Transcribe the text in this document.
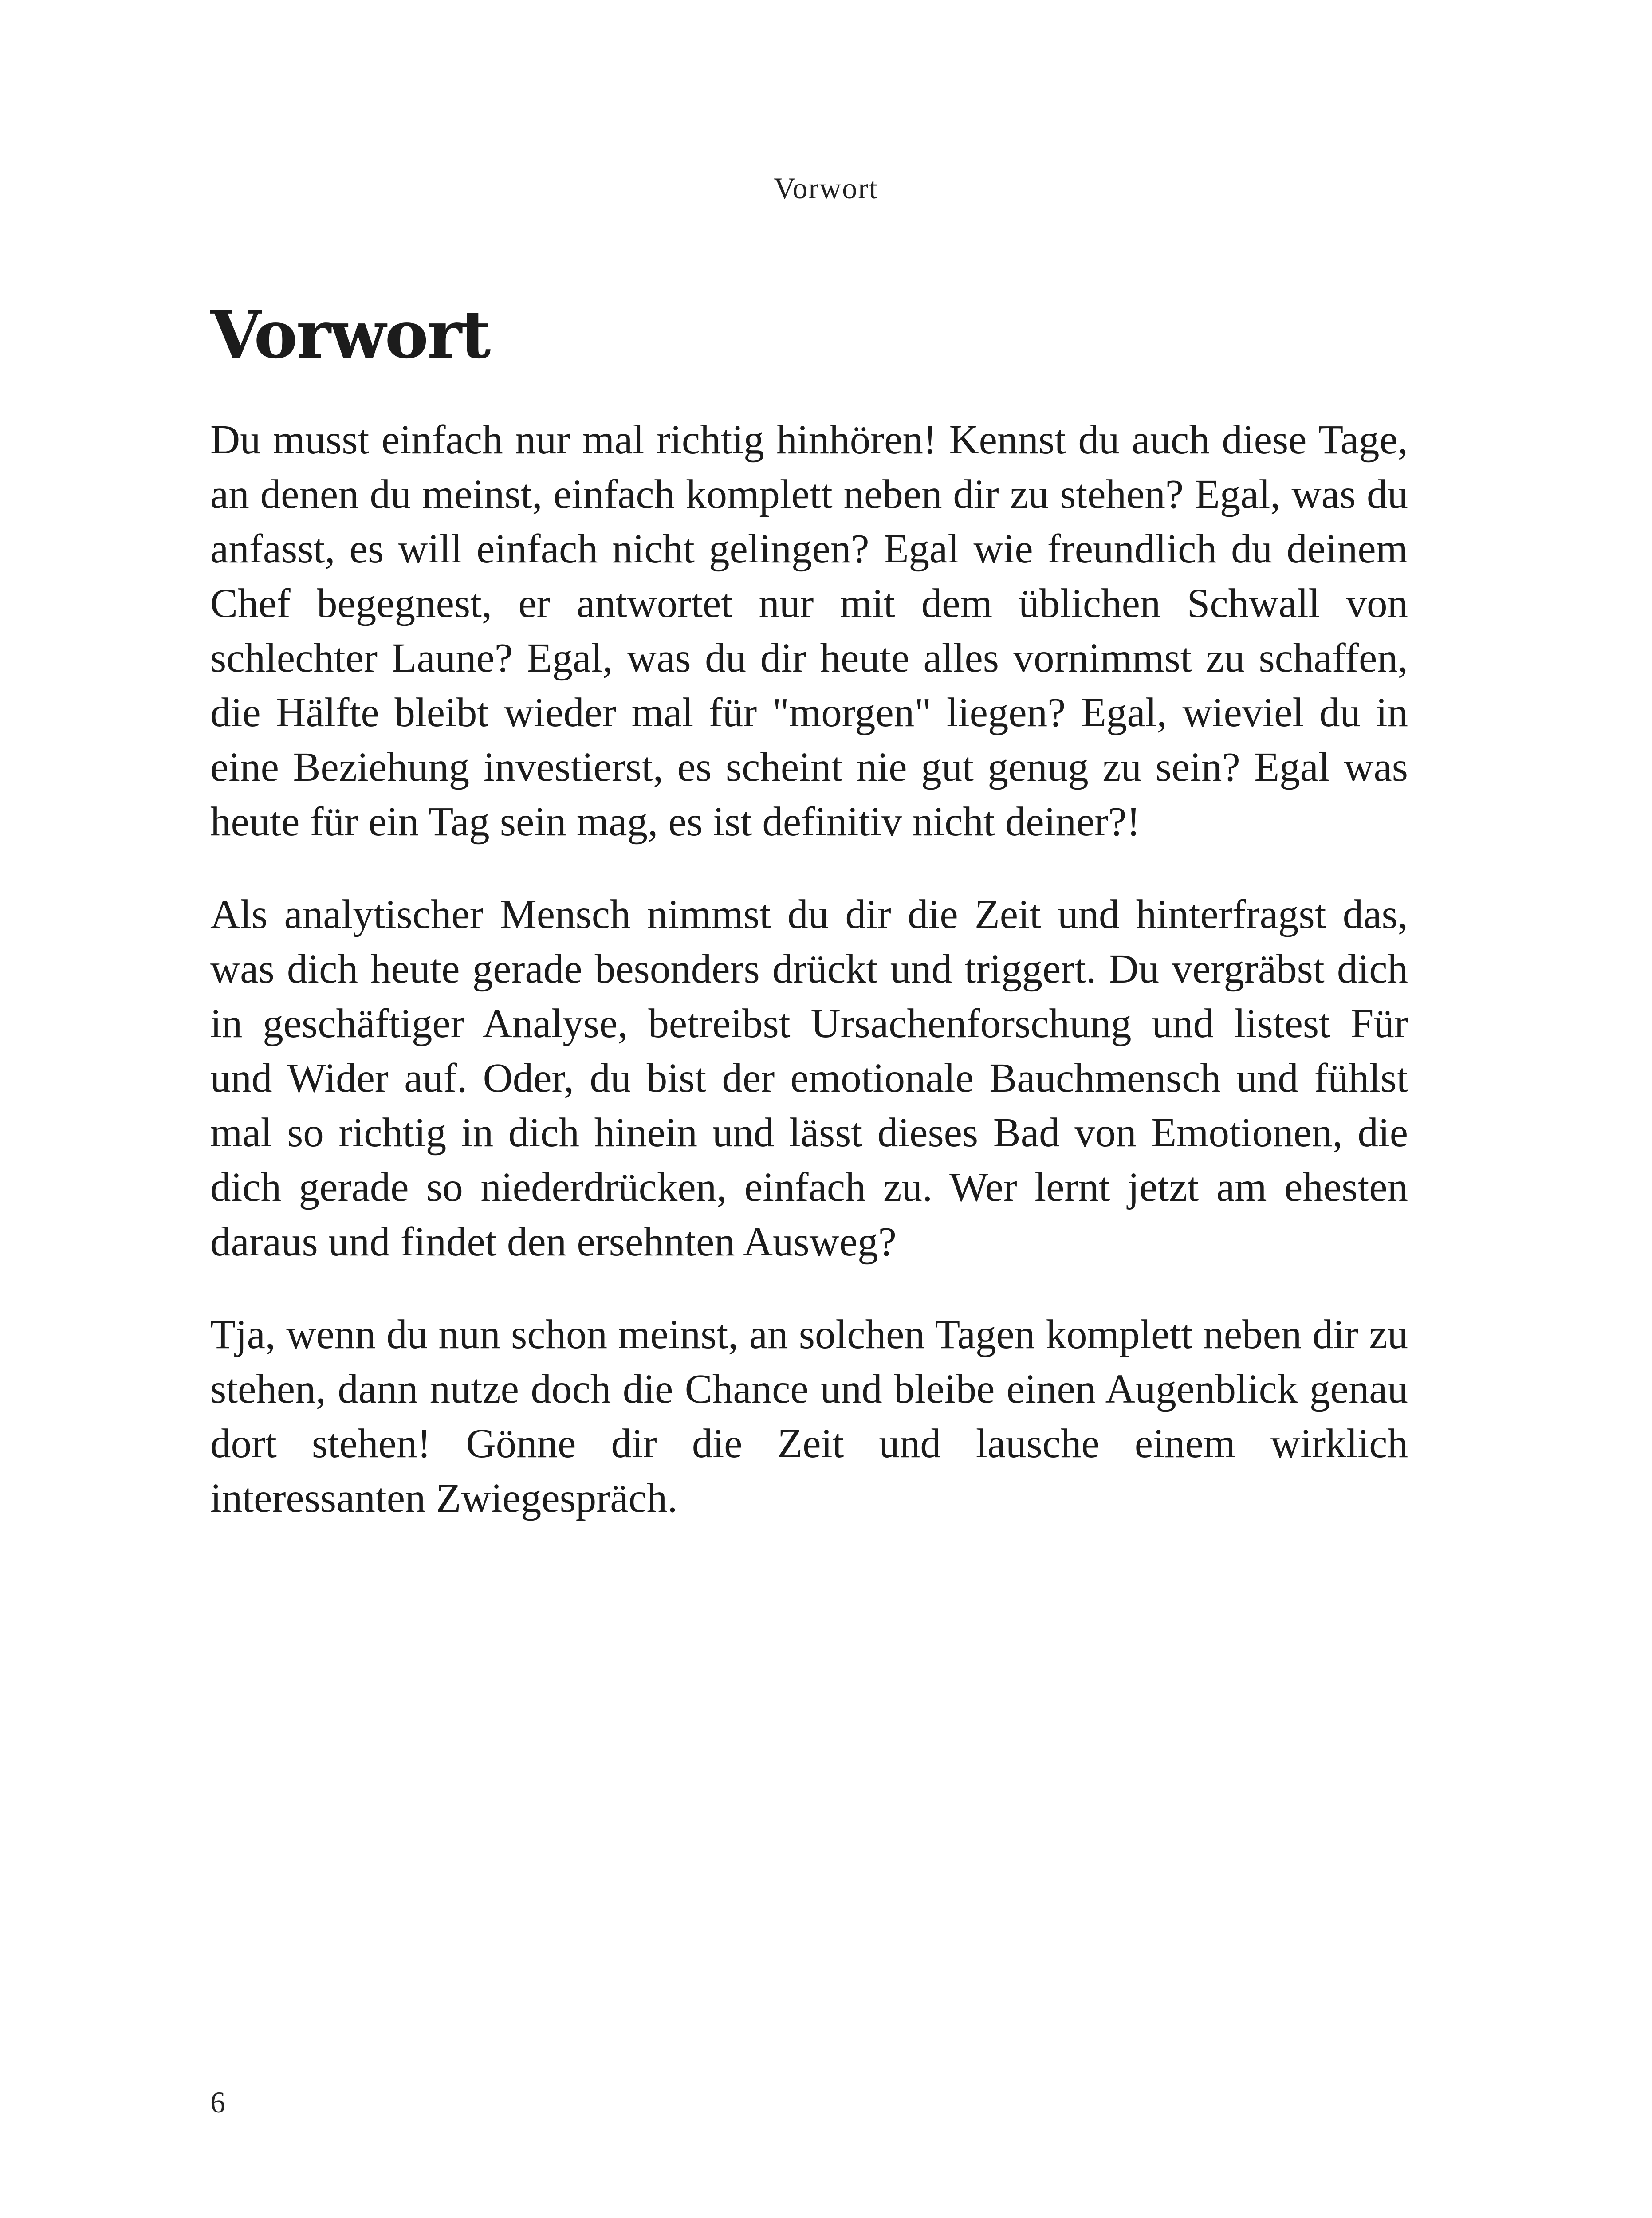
Vorwort
Vorwort

Du musst einfach nur mal richtig hinhören! Kennst du auch diese Tage, an denen du meinst, einfach komplett neben dir zu stehen? Egal, was du anfasst, es will einfach nicht gelingen? Egal wie freundlich du deinem Chef begegnest, er antwortet nur mit dem üblichen Schwall von schlechter Laune? Egal, was du dir heute alles vornimmst zu schaffen, die Hälfte bleibt wieder mal für "morgen" liegen? Egal, wieviel du in eine Beziehung investierst, es scheint nie gut genug zu sein? Egal was heute für ein Tag sein mag, es ist definitiv nicht deiner?!

Als analytischer Mensch nimmst du dir die Zeit und hinterfragst das, was dich heute gerade besonders drückt und triggert. Du vergräbst dich in geschäftiger Analyse, betreibst Ursachenforschung und listest Für und Wider auf. Oder, du bist der emotionale Bauchmensch und fühlst mal so richtig in dich hinein und lässt dieses Bad von Emotionen, die dich gerade so niederdrücken, einfach zu. Wer lernt jetzt am ehesten daraus und findet den ersehnten Ausweg?

Tja, wenn du nun schon meinst, an solchen Tagen komplett neben dir zu stehen, dann nutze doch die Chance und bleibe einen Augenblick genau dort stehen! Gönne dir die Zeit und lausche einem wirklich interessanten Zwiegespräch.

6
